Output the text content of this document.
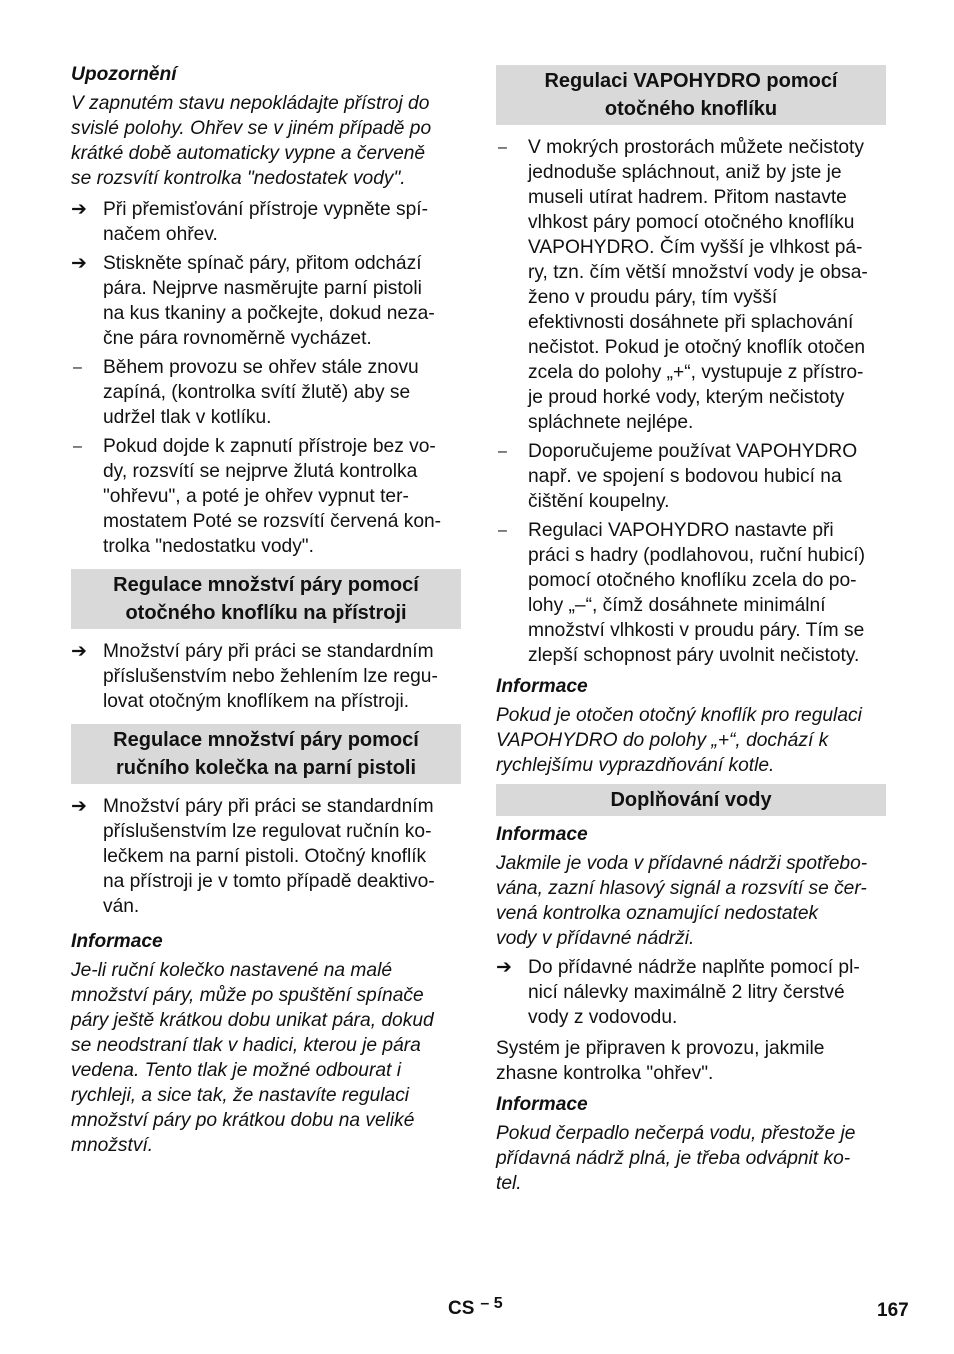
Upozornění

V zapnutém stavu nepokládajte přístroj do
svislé polohy. Ohřev se v jiném případě po
krátké době automaticky vypne a červeně
se rozsvítí kontrolka "nedostatek vody".

➔ Při přemisťování přístroje vypněte spí-
načem ohřev.
➔ Stiskněte spínač páry, přitom odchází
pára. Nejprve nasměrujte parní pistoli
na kus tkaniny a počkejte, dokud neza-
čne pára rovnoměrně vycházet.
–	Během provozu se ohřev stále znovu
zapíná, (kontrolka svítí žlutě) aby se
udržel tlak v kotlíku.
–	Pokud dojde k zapnutí přístroje bez vo-
dy, rozsvítí se nejprve žlutá kontrolka
"ohřevu", a poté je ohřev vypnut ter-
mostatem Poté se rozsvítí červená kon-
trolka "nedostatku vody".
Regulace množství páry pomocí
otočného knoflíku na přístroji
➔ Množství páry při práci se standardním
příslušenstvím nebo žehlením lze regu-
lovat otočným knoflíkem na přístroji.
Regulace množství páry pomocí
ručního kolečka na parní pistoli
➔ Množství páry při práci se standardním
příslušenstvím lze regulovat ručnín ko-
lečkem na parní pistoli. Otočný knoflík
na přístroji je v tomto případě deaktivo-
ván.

Informace

Je-li ruční kolečko nastavené na malé
množství páry, může po spuštění spínače
páry ještě krátkou dobu unikat pára, dokud
se neodstraní tlak v hadici, kterou je pára
vedena. Tento tlak je možné odbourat i
rychleji, a sice tak, že nastavíte regulaci
množství páry po krátkou dobu na veliké
množství.

Regulaci VAPOHYDRO pomocí
otočného knoflíku
–	V mokrých prostorách můžete nečistoty
jednoduše spláchnout, aniž by jste je
museli utírat hadrem. Přitom nastavte
vlhkost páry pomocí otočného knoflíku
VAPOHYDRO. Čím vyšší je vlhkost pá-
ry, tzn. čím větší množství vody je obsa-
ženo v proudu páry, tím vyšší
efektivnosti dosáhnete při splachování
nečistot. Pokud je otočný knoflík otočen
zcela do polohy „+“, vystupuje z přístro-
je proud horké vody, kterým nečistoty
spláchnete nejlépe.
–	Doporučujeme používat VAPOHYDRO
např. ve spojení s bodovou hubicí na
čištění koupelny.
–	Regulaci VAPOHYDRO nastavte při
práci s hadry (podlahovou, ruční hubicí)
pomocí otočného knoflíku zcela do po-
lohy „–“, čímž dosáhnete minimální
množství vlhkosti v proudu páry. Tím se
zlepší schopnost páry uvolnit nečistoty.

Informace

Pokud je otočen otočný knoflík pro regulaci
VAPOHYDRO do polohy „+“, dochází k
rychlejšímu vyprazdňování kotle.

Doplňování vody

Informace

Jakmile je voda v přídavné nádrži spotřebo-
vána, zazní hlasový signál a rozsvítí se čer-
vená kontrolka oznamující nedostatek
vody v přídavné nádrži.

➔ Do přídavné nádrže naplňte pomocí pl-
nicí nálevky maximálně 2 litry čerstvé
vody z vodovodu.

Systém je připraven k provozu, jakmile
zhasne kontrolka "ohřev".

Informace

Pokud čerpadlo nečerpá vodu, přestože je
přídavná nádrž plná, je třeba odvápnit ko-
tel.

CS $^{- 5}$	167
